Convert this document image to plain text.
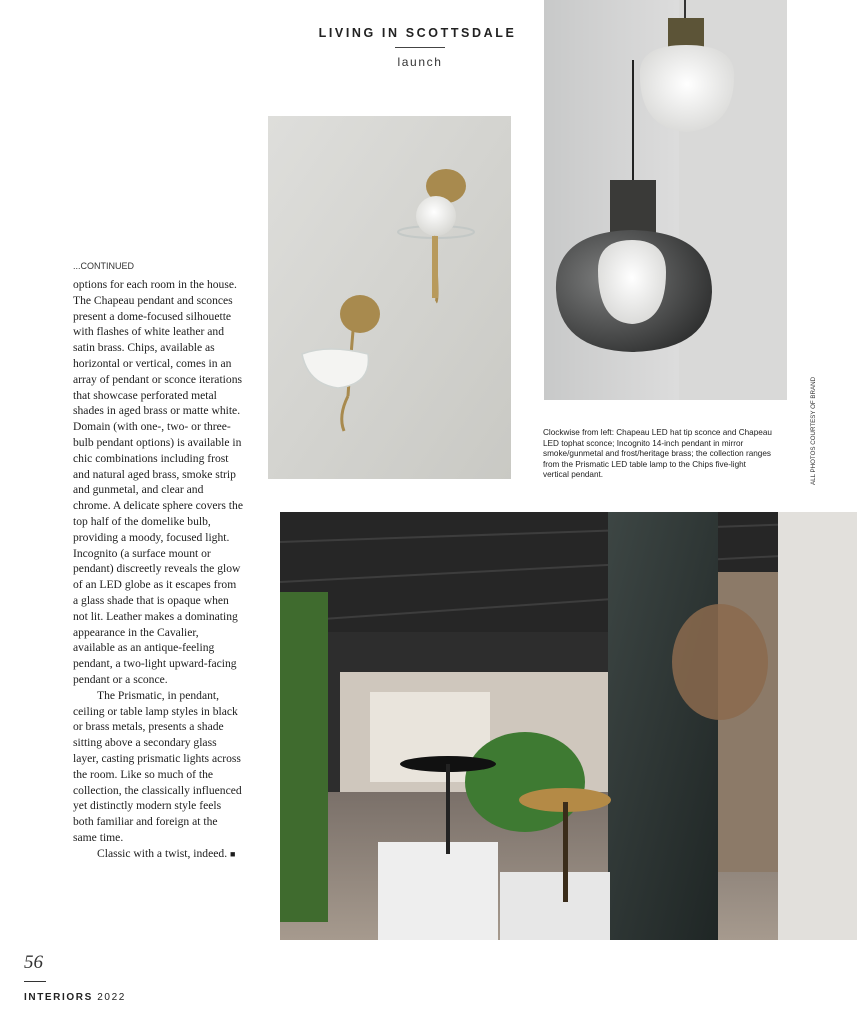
LIVING IN SCOTTSDALE
launch
...CONTINUED

options for each room in the house. The Chapeau pendant and sconces present a dome-focused silhouette with flashes of white leather and satin brass. Chips, available as horizontal or vertical, comes in an array of pendant or sconce iterations that showcase perforated metal shades in aged brass or matte white. Domain (with one-, two- or three-bulb pendant options) is available in chic combinations including frost and natural aged brass, smoke strip and gunmetal, and clear and chrome. A delicate sphere covers the top half of the domelike bulb, providing a moody, focused light. Incognito (a surface mount or pendant) discreetly reveals the glow of an LED globe as it escapes from a glass shade that is opaque when not lit. Leather makes a dominating appearance in the Cavalier, available as an antique-feeling pendant, a two-light upward-facing pendant or a sconce.

The Prismatic, in pendant, ceiling or table lamp styles in black or brass metals, presents a shade sitting above a secondary glass layer, casting prismatic lights across the room. Like so much of the collection, the classically influenced yet distinctly modern style feels both familiar and foreign at the same time.

Classic with a twist, indeed. ■

Clockwise from left: Chapeau LED hat tip sconce and Chapeau LED tophat sconce; Incognito 14-inch pendant in mirror smoke/gunmetal and frost/heritage brass; the collection ranges from the Prismatic LED table lamp to the Chips five-light vertical pendant.	ALL PHOTOS COURTESY OF BRAND
56
INTERIORS 2022
